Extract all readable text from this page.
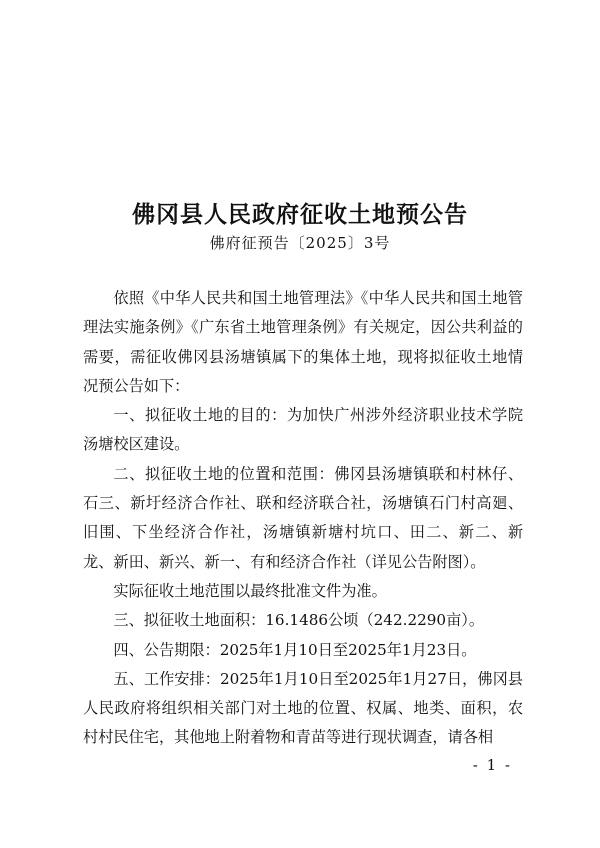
佛冈县人民政府征收土地预公告
佛府征预告〔2025〕3号

依照《中华人民共和国土地管理法》《中华人民共和国土地管理法实施条例》《广东省土地管理条例》有关规定，因公共利益的需要，需征收佛冈县汤塘镇属下的集体土地，现将拟征收土地情况预公告如下：

一、拟征收土地的目的：为加快广州涉外经济职业技术学院汤塘校区建设。

二、拟征收土地的位置和范围：佛冈县汤塘镇联和村林仔、石三、新圩经济合作社、联和经济联合社，汤塘镇石门村高廻、旧围、下坐经济合作社，汤塘镇新塘村坑口、田二、新二、新龙、新田、新兴、新一、有和经济合作社（详见公告附图）。

实际征收土地范围以最终批准文件为准。

三、拟征收土地面积：16.1486公顷（242.2290亩）。

四、公告期限：2025年1月10日至2025年1月23日。

五、工作安排：2025年1月10日至2025年1月27日，佛冈县人民政府将组织相关部门对土地的位置、权属、地类、面积，农村村民住宅，其他地上附着物和青苗等进行现状调查，请各相

- 1 -
